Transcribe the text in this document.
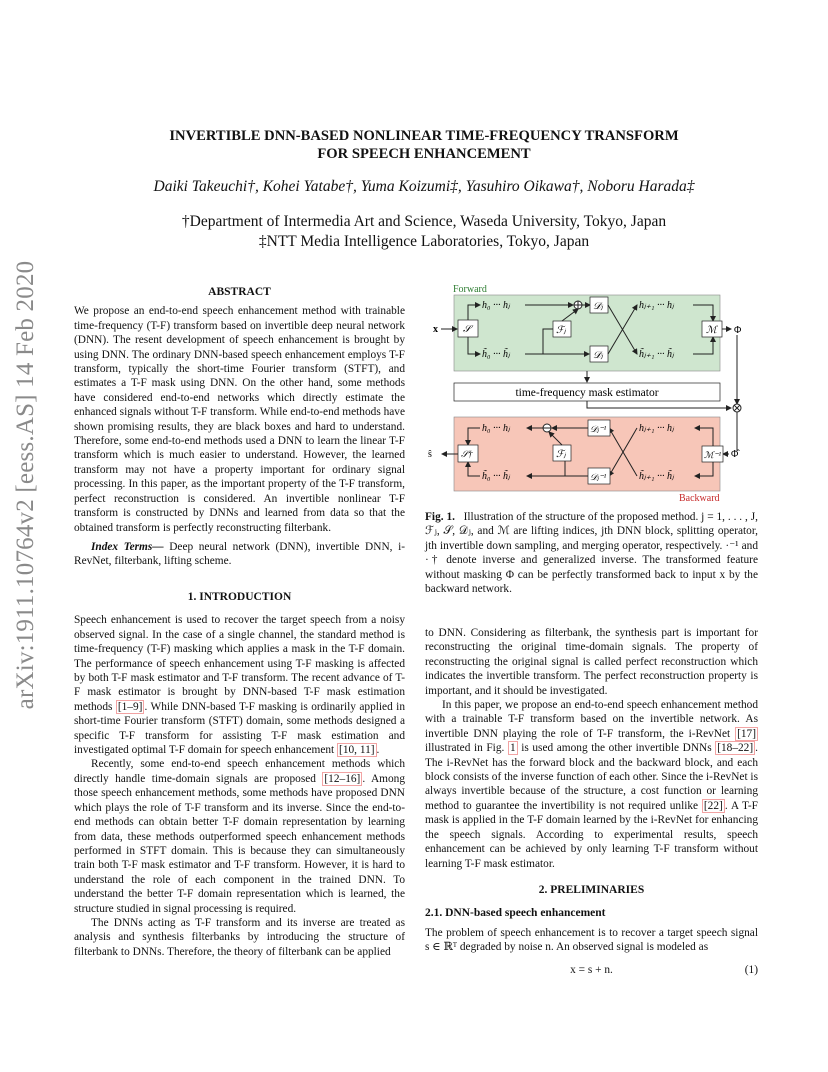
arXiv:1911.10764v2 [eess.AS] 14 Feb 2020
INVERTIBLE DNN-BASED NONLINEAR TIME-FREQUENCY TRANSFORM
FOR SPEECH ENHANCEMENT
Daiki Takeuchi†, Kohei Yatabe†, Yuma Koizumi‡, Yasuhiro Oikawa†, Noboru Harada‡
†Department of Intermedia Art and Science, Waseda University, Tokyo, Japan
‡NTT Media Intelligence Laboratories, Tokyo, Japan
ABSTRACT

We propose an end-to-end speech enhancement method with trainable time-frequency (T-F) transform based on invertible deep neural network (DNN). The resent development of speech enhancement is brought by using DNN. The ordinary DNN-based speech enhancement employs T-F transform, typically the short-time Fourier transform (STFT), and estimates a T-F mask using DNN. On the other hand, some methods have considered end-to-end networks which directly estimate the enhanced signals without T-F transform. While end-to-end methods have shown promising results, they are black boxes and hard to understand. Therefore, some end-to-end methods used a DNN to learn the linear T-F transform which is much easier to understand. However, the learned transform may not have a property important for ordinary signal processing. In this paper, as the important property of the T-F transform, perfect reconstruction is considered. An invertible nonlinear T-F transform is constructed by DNNs and learned from data so that the obtained transform is perfectly reconstructing filterbank.

Index Terms— Deep neural network (DNN), invertible DNN, i-RevNet, filterbank, lifting scheme.

1. INTRODUCTION

Speech enhancement is used to recover the target speech from a noisy observed signal. In the case of a single channel, the standard method is time-frequency (T-F) masking which applies a mask in the T-F domain. The performance of speech enhancement using T-F masking is affected by both T-F mask estimator and T-F transform. The recent advance of T-F mask estimator is brought by DNN-based T-F mask estimation methods [1–9] . While DNN-based T-F masking is ordinarily applied in short-time Fourier transform (STFT) domain, some methods designed a specific T-F transform for assisting T-F mask estimation and investigated optimal T-F domain for speech enhancement [10, 11] .

Recently, some end-to-end speech enhancement methods which directly handle time-domain signals are proposed [12–16] . Among those speech enhancement methods, some methods have proposed DNN which plays the role of T-F transform and its inverse. Since the end-to-end methods can obtain better T-F domain representation by learning from data, these methods outperformed speech enhancement methods performed in STFT domain. This is because they can simultaneously train both T-F mask estimator and T-F transform. However, it is hard to understand the role of each component in the trained DNN. To understand the better T-F domain representation which is learned, the structure studied in signal processing is required.

The DNNs acting as T-F transform and its inverse are treated as analysis and synthesis filterbanks by introducing the structure of filterbank to DNNs. Therefore, the theory of filterbank can be applied

Forward
x	𝒮
h₀ ··· hⱼ
h̃₀ ··· h̃ⱼ
ℱⱼ
𝒟ⱼ
𝒟ⱼ
hⱼ₊₁ ··· hⱼ
h̃ⱼ₊₁ ··· h̃ⱼ
ℳ Φ
time-frequency mask estimator
Φ̂
ℳ⁻¹
hⱼ₊₁ ··· hⱼ
h̃ⱼ₊₁ ··· h̃ⱼ
𝒟ⱼ⁻¹
𝒟ⱼ⁻¹
ℱⱼ
h₀ ··· hⱼ
h̃₀ ··· h̃ⱼ
𝒮†
ŝ
Backward

Fig. 1. Illustration of the structure of the proposed method. j = 1, . . . , J, ℱⱼ, 𝒮, 𝒟ⱼ, and ℳ are lifting indices, jth DNN block, splitting operator, jth invertible down sampling, and merging operator, respectively. ·⁻¹ and ·† denote inverse and generalized inverse. The transformed feature without masking Φ can be perfectly transformed back to input x by the backward network.

to DNN. Considering as filterbank, the synthesis part is important for reconstructing the original time-domain signals. The property of reconstructing the original signal is called perfect reconstruction which indicates the invertible transform. The perfect reconstruction property is important, and it should be investigated.

In this paper, we propose an end-to-end speech enhancement method with a trainable T-F transform based on the invertible network. As invertible DNN playing the role of T-F transform, the i-RevNet [17] illustrated in Fig. 1 is used among the other invertible DNNs [18–22] . The i-RevNet has the forward block and the backward block, and each block consists of the inverse function of each other. Since the i-RevNet is always invertible because of the structure, a cost function or learning method to guarantee the invertibility is not required unlike [22] . A T-F mask is applied in the T-F domain learned by the i-RevNet for enhancing the speech signals. According to experimental results, speech enhancement can be achieved by only learning T-F transform without learning T-F mask estimator.

2. PRELIMINARIES
2.1. DNN-based speech enhancement

The problem of speech enhancement is to recover a target speech signal s ∈ ℝᵀ degraded by noise n. An observed signal is modeled as

x = s + n.	(1)
